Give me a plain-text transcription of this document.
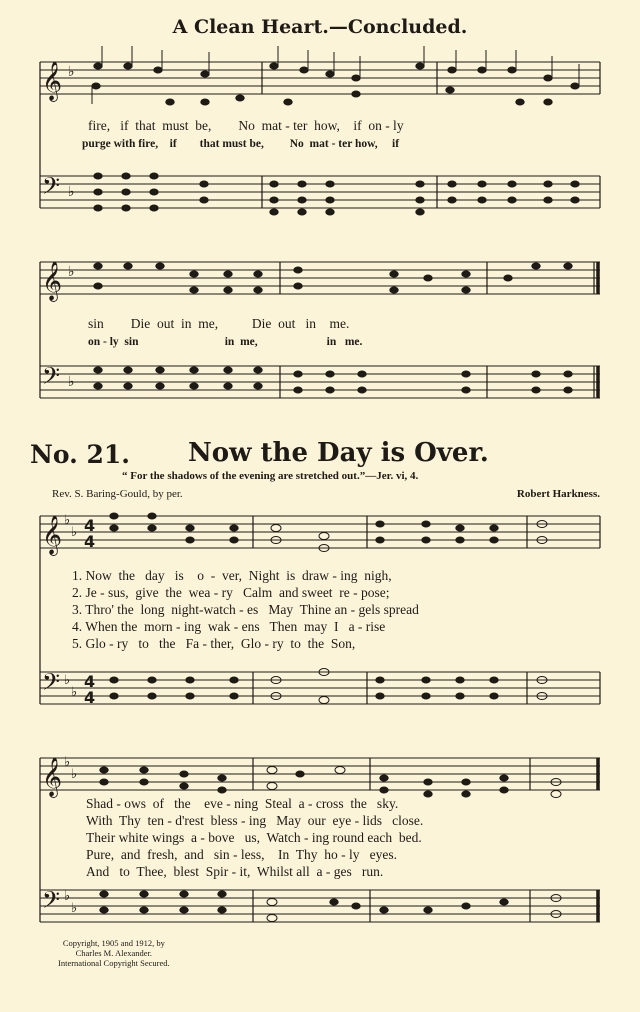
A Clean Heart.—Concluded.
𝄞
𝄢
𝄞
𝄢
𝄞
𝄢
𝄞
𝄢
♭
♭
♭
♭
♭
♭
♭
♭
♭
♭
♭
♭
4
4
4
4
fire,   if  that  must  be,        No  mat - ter  how,    if  on - ly
purge with fire,    if        that must be,         No  mat - ter how,     if
sin        Die  out  in  me,          Die  out   in    me.
on - ly  sin                              in  me,                        in   me.
No. 21. Now the Day is Over.
“ For the shadows of the evening are stretched out.”—Jer. vi, 4.
Rev. S. Baring-Gould, by per.	Robert Harkness.
1. Now  the   day   is    o  -  ver,  Night  is  draw - ing  nigh,
2. Je - sus,  give  the  wea - ry   Calm  and sweet  re - pose;
3. Thro' the  long  night-watch - es   May  Thine an - gels spread
4. When the  morn - ing  wak - ens   Then  may  I   a - rise
5. Glo - ry   to   the   Fa - ther,  Glo - ry  to  the  Son,
Shad - ows  of   the    eve - ning  Steal  a - cross  the   sky.
With  Thy  ten - d'rest  bless - ing   May  our  eye - lids   close.
Their white wings  a - bove   us,  Watch - ing round each  bed.
Pure,  and  fresh,  and   sin - less,    In  Thy  ho - ly   eyes.
And   to  Thee,  blest  Spir - it,  Whilst all  a - ges   run.
Copyright, 1905 and 1912, by
Charles M. Alexander.
International Copyright Secured.
